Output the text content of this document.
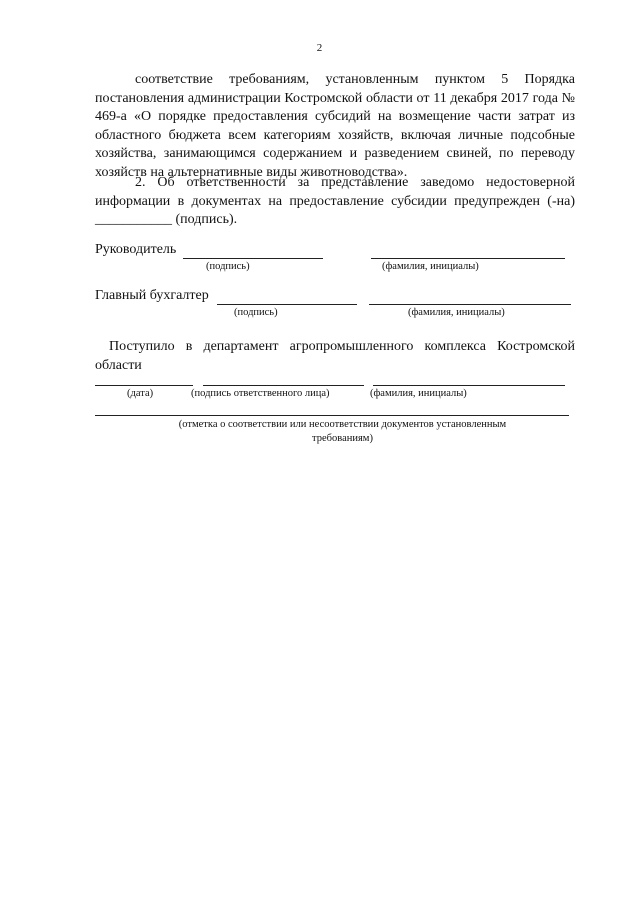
2
соответствие требованиям, установленным пунктом 5 Порядка постановления администрации Костромской области от 11 декабря 2017 года № 469-а «О порядке предоставления субсидий на возмещение части затрат из областного бюджета всем категориям хозяйств, включая личные подсобные хозяйства, занимающимся содержанием и разведением свиней, по переводу хозяйств на альтернативные виды животноводства».
2. Об ответственности за представление заведомо недостоверной информации в документах на предоставление субсидии предупрежден (-на) ___________ (подпись).
Руководитель
(подпись)	(фамилия, инициалы)
Главный бухгалтер
(подпись)	(фамилия, инициалы)
Поступило в департамент агропромышленного комплекса Костромской области
(дата)	(подпись ответственного лица)	(фамилия, инициалы)
(отметка о соответствии или несоответствии документов установленным требованиям)
